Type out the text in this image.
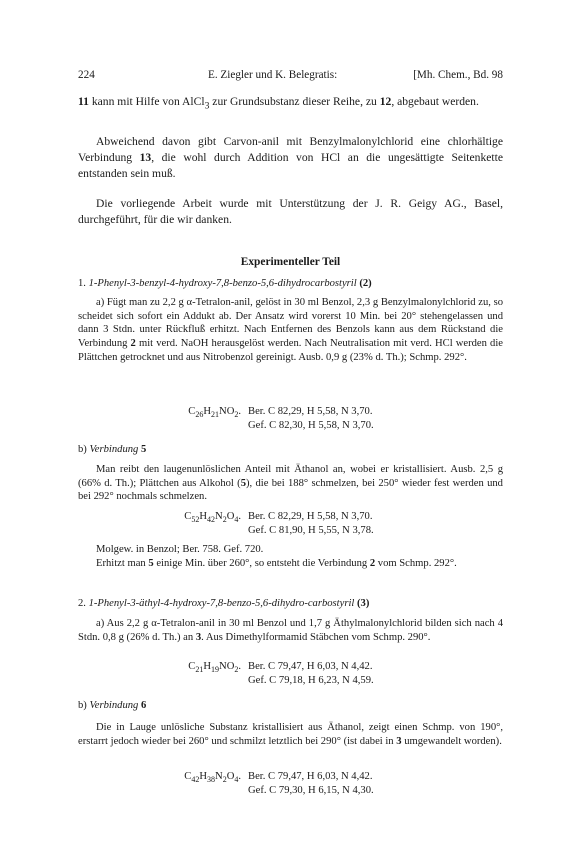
224	E. Ziegler und K. Belegratis:	[Mh. Chem., Bd. 98

11 kann mit Hilfe von AlCl$_3$ zur Grundsubstanz dieser Reihe, zu 12, abgebaut werden.

Abweichend davon gibt Carvon-anil mit Benzylmalonylchlorid eine chlorhältige Verbindung 13, die wohl durch Addition von HCl an die ungesättigte Seitenkette entstanden sein muß.

Die vorliegende Arbeit wurde mit Unterstützung der J. R. Geigy AG., Basel, durchgeführt, für die wir danken.

Experimenteller Teil

1. 1-Phenyl-3-benzyl-4-hydroxy-7,8-benzo-5,6-dihydrocarbostyril (2)

a) Fügt man zu 2,2 g α-Tetralon-anil, gelöst in 30 ml Benzol, 2,3 g Benzylmalonylchlorid zu, so scheidet sich sofort ein Addukt ab. Der Ansatz wird vorerst 10 Min. bei 20° stehengelassen und dann 3 Stdn. unter Rückfluß erhitzt. Nach Entfernen des Benzols kann aus dem Rückstand die Verbindung 2 mit verd. NaOH herausgelöst werden. Nach Neutralisation mit verd. HCl werden die Plättchen getrocknet und aus Nitrobenzol gereinigt. Ausb. 0,9 g (23% d. Th.); Schmp. 292°.

$C_{26}H_{21}NO_2$. Ber. C 82,29, H 5,58, N 3,70.
Gef. C 82,30, H 5,58, N 3,70.

b) Verbindung 5

Man reibt den laugenunlöslichen Anteil mit Äthanol an, wobei er kristallisiert. Ausb. 2,5 g (66% d. Th.); Plättchen aus Alkohol (5), die bei 188° schmelzen, bei 250° wieder fest werden und bei 292° nochmals schmelzen.

$C_{52}H_{42}N_2O_4$. Ber. C 82,29, H 5,58, N 3,70.
Gef. C 81,90, H 5,55, N 3,78.

Molgew. in Benzol; Ber. 758. Gef. 720.

Erhitzt man 5 einige Min. über 260°, so entsteht die Verbindung 2 vom Schmp. 292°.

2. 1-Phenyl-3-äthyl-4-hydroxy-7,8-benzo-5,6-dihydro-carbostyril (3)

a) Aus 2,2 g α-Tetralon-anil in 30 ml Benzol und 1,7 g Äthylmalonylchlorid bilden sich nach 4 Stdn. 0,8 g (26% d. Th.) an 3. Aus Dimethylformamid Stäbchen vom Schmp. 290°.

$C_{21}H_{19}NO_2$. Ber. C 79,47, H 6,03, N 4,42.
Gef. C 79,18, H 6,23, N 4,59.

b) Verbindung 6

Die in Lauge unlösliche Substanz kristallisiert aus Äthanol, zeigt einen Schmp. von 190°, erstarrt jedoch wieder bei 260° und schmilzt letztlich bei 290° (ist dabei in 3 umgewandelt worden).

$C_{42}H_{38}N_2O_4$. Ber. C 79,47, H 6,03, N 4,42.
Gef. C 79,30, H 6,15, N 4,30.
